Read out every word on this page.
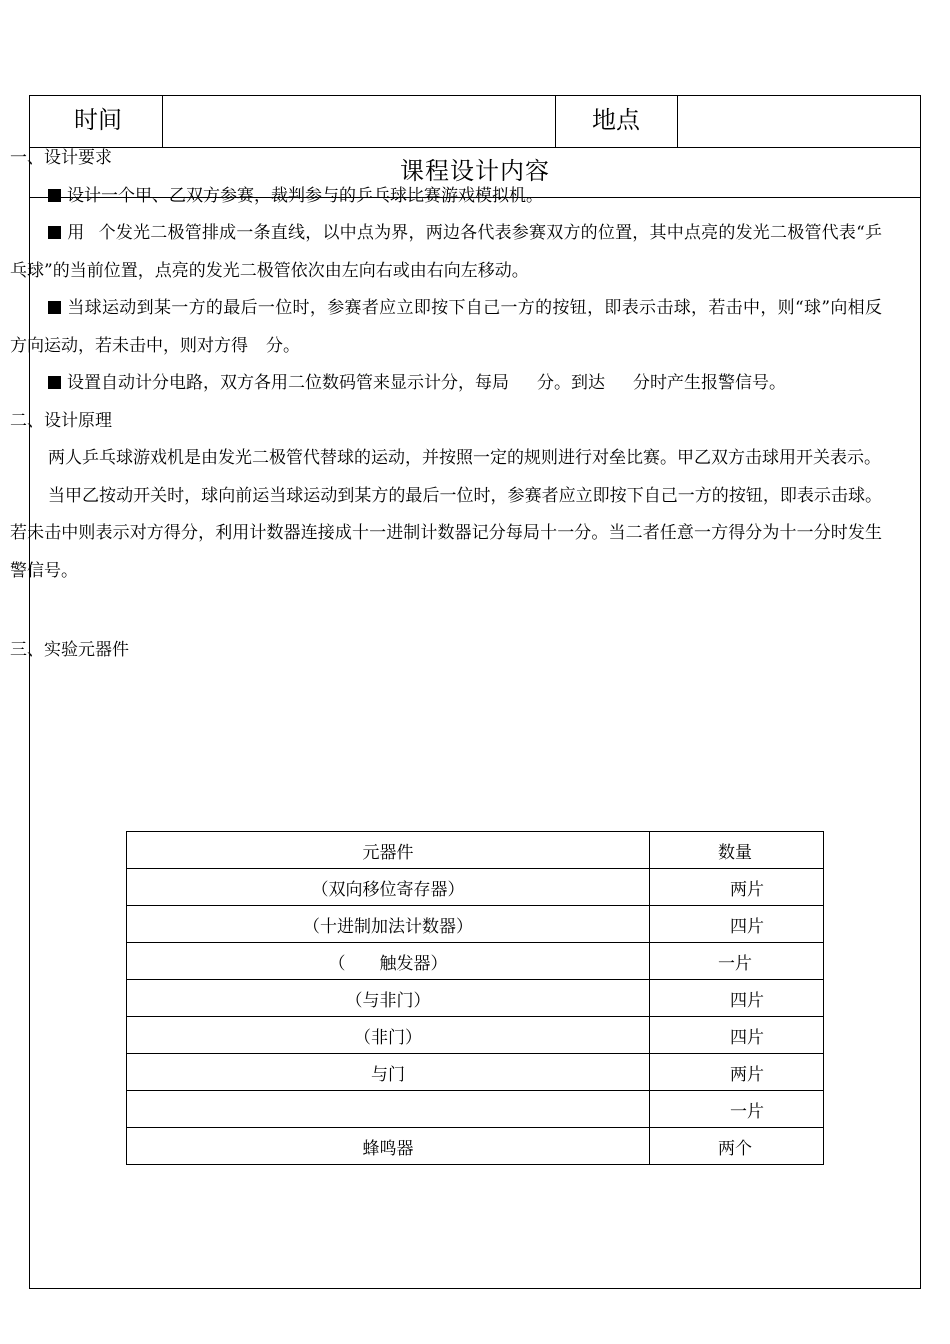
时间	地点
课程设计内容

一、设计要求

设计一个甲、乙双方参赛，裁判参与的乒乓球比赛游戏模拟机。

用 个发光二极管排成一条直线，以中点为界，两边各代表参赛双方的位置，其中点亮的发光二极管代表“乒乓球”的当前位置，点亮的发光二极管依次由左向右或由右向左移动。

当球运动到某一方的最后一位时，参赛者应立即按下自己一方的按钮，即表示击球，若击中，则“球”向相反方向运动，若未击中，则对方得 分。

设置自动计分电路，双方各用二位数码管来显示计分，每局 分。到达 分时产生报警信号。

二、设计原理

两人乒乓球游戏机是由发光二极管代替球的运动，并按照一定的规则进行对垒比赛。甲乙双方击球用开关表示。

当甲乙按动开关时，球向前运当球运动到某方的最后一位时，参赛者应立即按下自己一方的按钮，即表示击球。若未击中则表示对方得分，利用计数器连接成十一进制计数器记分每局十一分。当二者任意一方得分为十一分时发生警信号。

三、实验元器件

元器件	数量
（双向移位寄存器）	两片
（十进制加法计数器）	四片
（　　触发器）	一片
（与非门）	四片
（非门）	四片
与门	两片
	一片
蜂鸣器	两个
